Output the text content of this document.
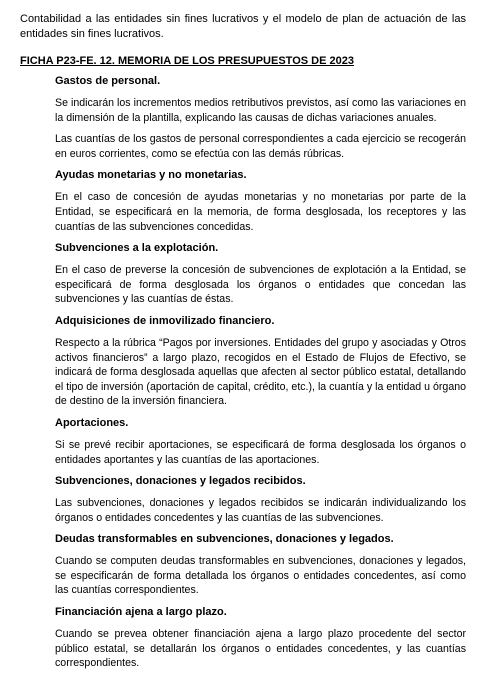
Contabilidad a las entidades sin fines lucrativos y el modelo de plan de actuación de las entidades sin fines lucrativos.

FICHA P23-FE. 12. MEMORIA DE LOS PRESUPUESTOS DE 2023

Gastos de personal.

Se indicarán los incrementos medios retributivos previstos, así como las variaciones en la dimensión de la plantilla, explicando las causas de dichas variaciones anuales.

Las cuantías de los gastos de personal correspondientes a cada ejercicio se recogerán en euros corrientes, como se efectúa con las demás rúbricas.

Ayudas monetarias y no monetarias.

En el caso de concesión de ayudas monetarias y no monetarias por parte de la Entidad, se especificará en la memoria, de forma desglosada, los receptores y las cuantías de las subvenciones concedidas.

Subvenciones a la explotación.

En el caso de preverse la concesión de subvenciones de explotación a la Entidad, se especificará de forma desglosada los órganos o entidades que concedan las subvenciones y las cuantías de éstas.

Adquisiciones de inmovilizado financiero.

Respecto a la rúbrica “Pagos por inversiones. Entidades del grupo y asociadas y Otros activos financieros” a largo plazo, recogidos en el Estado de Flujos de Efectivo, se indicará de forma desglosada aquellas que afecten al sector público estatal, detallando el tipo de inversión (aportación de capital, crédito, etc.), la cuantía y la entidad u órgano de destino de la inversión financiera.

Aportaciones.

Si se prevé recibir aportaciones, se especificará de forma desglosada los órganos o entidades aportantes y las cuantías de las aportaciones.

Subvenciones, donaciones y legados recibidos.

Las subvenciones, donaciones y legados recibidos se indicarán individualizando los órganos o entidades concedentes y las cuantías de las subvenciones.

Deudas transformables en subvenciones, donaciones y legados.

Cuando se computen deudas transformables en subvenciones, donaciones y legados, se especificarán de forma detallada los órganos o entidades concedentes, así como las cuantías correspondientes.

Financiación ajena a largo plazo.

Cuando se prevea obtener financiación ajena a largo plazo procedente del sector público estatal, se detallarán los órganos o entidades concedentes, y las cuantías correspondientes.
